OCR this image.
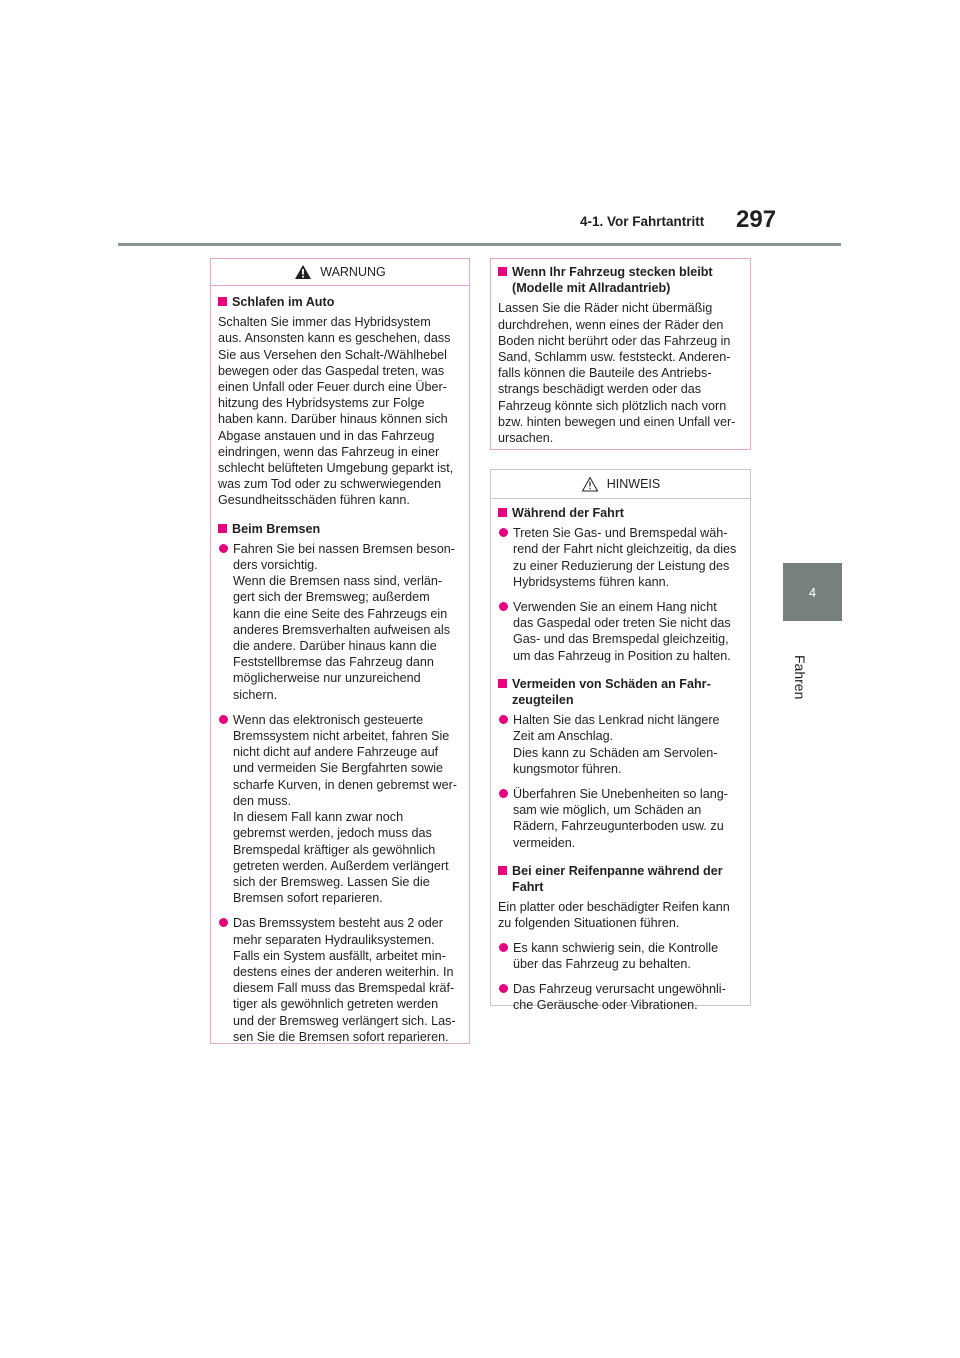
4-1. Vor Fahrtantritt 297
4
Fahren
WARNUNG
Schlafen im Auto
Schalten Sie immer das Hybridsystem
aus. Ansonsten kann es geschehen, dass
Sie aus Versehen den Schalt-/Wählhebel
bewegen oder das Gaspedal treten, was
einen Unfall oder Feuer durch eine Über-
hitzung des Hybridsystems zur Folge
haben kann. Darüber hinaus können sich
Abgase anstauen und in das Fahrzeug
eindringen, wenn das Fahrzeug in einer
schlecht belüfteten Umgebung geparkt ist,
was zum Tod oder zu schwerwiegenden
Gesundheitsschäden führen kann.
Beim Bremsen
Fahren Sie bei nassen Bremsen beson-
ders vorsichtig.
Wenn die Bremsen nass sind, verlän-
gert sich der Bremsweg; außerdem
kann die eine Seite des Fahrzeugs ein
anderes Bremsverhalten aufweisen als
die andere. Darüber hinaus kann die
Feststellbremse das Fahrzeug dann
möglicherweise nur unzureichend
sichern.
Wenn das elektronisch gesteuerte
Bremssystem nicht arbeitet, fahren Sie
nicht dicht auf andere Fahrzeuge auf
und vermeiden Sie Bergfahrten sowie
scharfe Kurven, in denen gebremst wer-
den muss.
In diesem Fall kann zwar noch
gebremst werden, jedoch muss das
Bremspedal kräftiger als gewöhnlich
getreten werden. Außerdem verlängert
sich der Bremsweg. Lassen Sie die
Bremsen sofort reparieren.
Das Bremssystem besteht aus 2 oder
mehr separaten Hydrauliksystemen.
Falls ein System ausfällt, arbeitet min-
destens eines der anderen weiterhin. In
diesem Fall muss das Bremspedal kräf-
tiger als gewöhnlich getreten werden
und der Bremsweg verlängert sich. Las-
sen Sie die Bremsen sofort reparieren.
Wenn Ihr Fahrzeug stecken bleibt
(Modelle mit Allradantrieb)
Lassen Sie die Räder nicht übermäßig
durchdrehen, wenn eines der Räder den
Boden nicht berührt oder das Fahrzeug in
Sand, Schlamm usw. feststeckt. Anderen-
falls können die Bauteile des Antriebs-
strangs beschädigt werden oder das
Fahrzeug könnte sich plötzlich nach vorn
bzw. hinten bewegen und einen Unfall ver-
ursachen.
HINWEIS
Während der Fahrt
Treten Sie Gas- und Bremspedal wäh-
rend der Fahrt nicht gleichzeitig, da dies
zu einer Reduzierung der Leistung des
Hybridsystems führen kann.
Verwenden Sie an einem Hang nicht
das Gaspedal oder treten Sie nicht das
Gas- und das Bremspedal gleichzeitig,
um das Fahrzeug in Position zu halten.
Vermeiden von Schäden an Fahr-
zeugteilen
Halten Sie das Lenkrad nicht längere
Zeit am Anschlag.
Dies kann zu Schäden am Servolen-
kungsmotor führen.
Überfahren Sie Unebenheiten so lang-
sam wie möglich, um Schäden an
Rädern, Fahrzeugunterboden usw. zu
vermeiden.
Bei einer Reifenpanne während der
Fahrt
Ein platter oder beschädigter Reifen kann
zu folgenden Situationen führen.
Es kann schwierig sein, die Kontrolle
über das Fahrzeug zu behalten.
Das Fahrzeug verursacht ungewöhnli-
che Geräusche oder Vibrationen.
